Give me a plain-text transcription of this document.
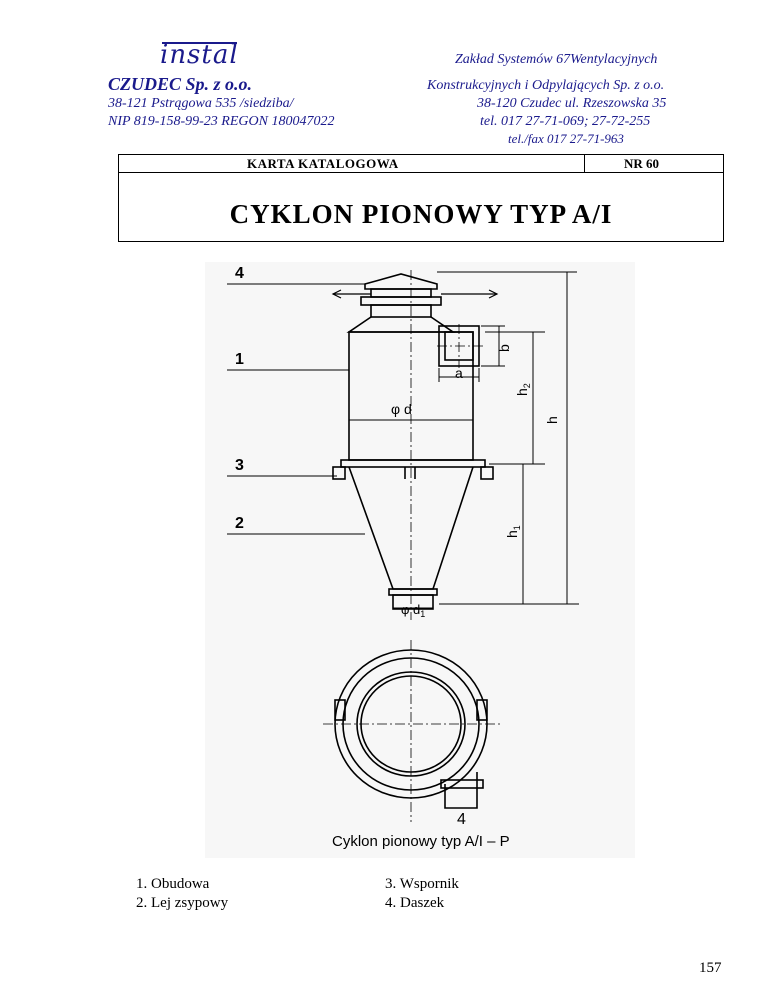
instal
CZUDEC Sp. z o.o.
38-121 Pstrągowa 535 /siedziba/
NIP 819-158-99-23 REGON 180047022
Zakład Systemów 67Wentylacyjnych
Konstrukcyjnych i Odpylających Sp. z o.o.
38-120 Czudec ul. Rzeszowska 35
tel. 017 27-71-069; 27-72-255
tel./fax 017 27-71-963
KARTA KATALOGOWA	NR 60
CYKLON PIONOWY TYP A/I
4
1
3
2
a
b
φ d
φ $d_1$
h
$h_2$
$h_1$
4
Cyklon pionowy typ A/I – P
1. Obudowa
2. Lej zsypowy
3. Wspornik
4. Daszek
157
